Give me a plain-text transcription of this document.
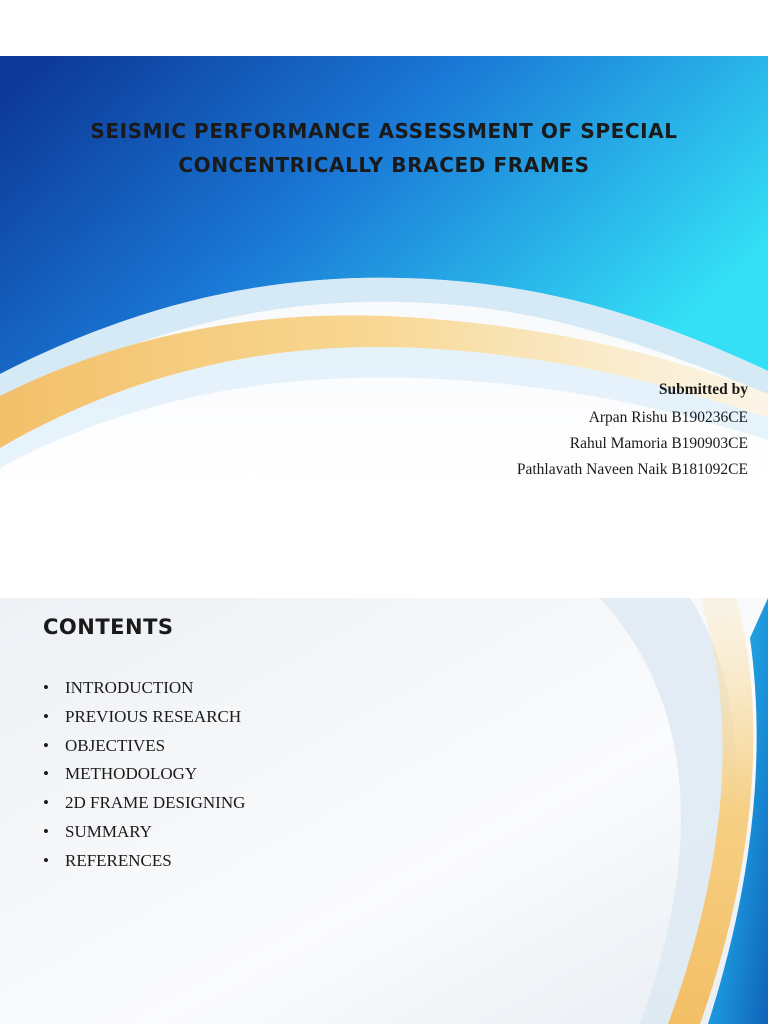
SEISMIC PERFORMANCE ASSESSMENT OF SPECIAL
CONCENTRICALLY BRACED FRAMES
Submitted by
Arpan Rishu B190236CE
Rahul Mamoria B190903CE
Pathlavath Naveen Naik B181092CE
CONTENTS
• INTRODUCTION
• PREVIOUS RESEARCH
• OBJECTIVES
• METHODOLOGY
• 2D FRAME DESIGNING
• SUMMARY
• REFERENCES
